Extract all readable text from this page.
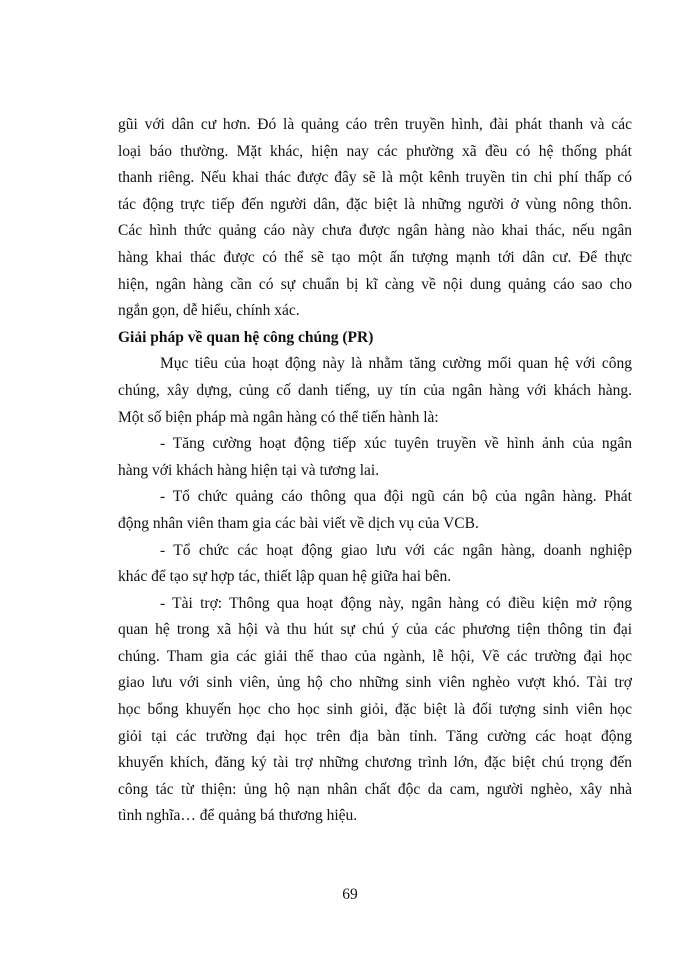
gũi với dân cư hơn. Đó là quảng cáo trên truyền hình, đài phát thanh và các
loại báo thường. Mặt khác, hiện nay các phường xã đều có hệ thống phát
thanh riêng. Nếu khai thác được đây sẽ là một kênh truyền tin chi phí thấp có
tác động trực tiếp đến người dân, đặc biệt là những người ở vùng nông thôn.
Các hình thức quảng cáo này chưa được ngân hàng nào khai thác, nếu ngân
hàng khai thác được có thể sẽ tạo một ấn tượng mạnh tới dân cư. Để thực
hiện, ngân hàng cần có sự chuẩn bị kĩ càng về nội dung quảng cáo sao cho
ngắn gọn, dễ hiểu, chính xác.
Giải pháp về quan hệ công chúng (PR)
Mục tiêu của hoạt động này là nhằm tăng cường mối quan hệ với công
chúng, xây dựng, củng cố danh tiếng, uy tín của ngân hàng với khách hàng.
Một số biện pháp mà ngân hàng có thể tiến hành là:
- Tăng cường hoạt động tiếp xúc tuyên truyền về hình ảnh của ngân
hàng với khách hàng hiện tại và tương lai.
- Tổ chức quảng cáo thông qua đội ngũ cán bộ của ngân hàng. Phát
động nhân viên tham gia các bài viết về dịch vụ của VCB.
- Tổ chức các hoạt động giao lưu với các ngân hàng, doanh nghiệp
khác để tạo sự hợp tác, thiết lập quan hệ giữa hai bên.
- Tài trợ: Thông qua hoạt động này, ngân hàng có điều kiện mở rộng
quan hệ trong xã hội và thu hút sự chú ý của các phương tiện thông tin đại
chúng. Tham gia các giải thể thao của ngành, lễ hội, Về các trường đại học
giao lưu với sinh viên, ủng hộ cho những sinh viên nghèo vượt khó. Tài trợ
học bổng khuyến học cho học sinh giỏi, đặc biệt là đối tượng sinh viên học
giỏi tại các trường đại học trên địa bàn tỉnh. Tăng cường các hoạt động
khuyến khích, đăng ký tài trợ những chương trình lớn, đặc biệt chú trọng đến
công tác từ thiện: ủng hộ nạn nhân chất độc da cam, người nghèo, xây nhà
tình nghĩa… để quảng bá thương hiệu.
69
